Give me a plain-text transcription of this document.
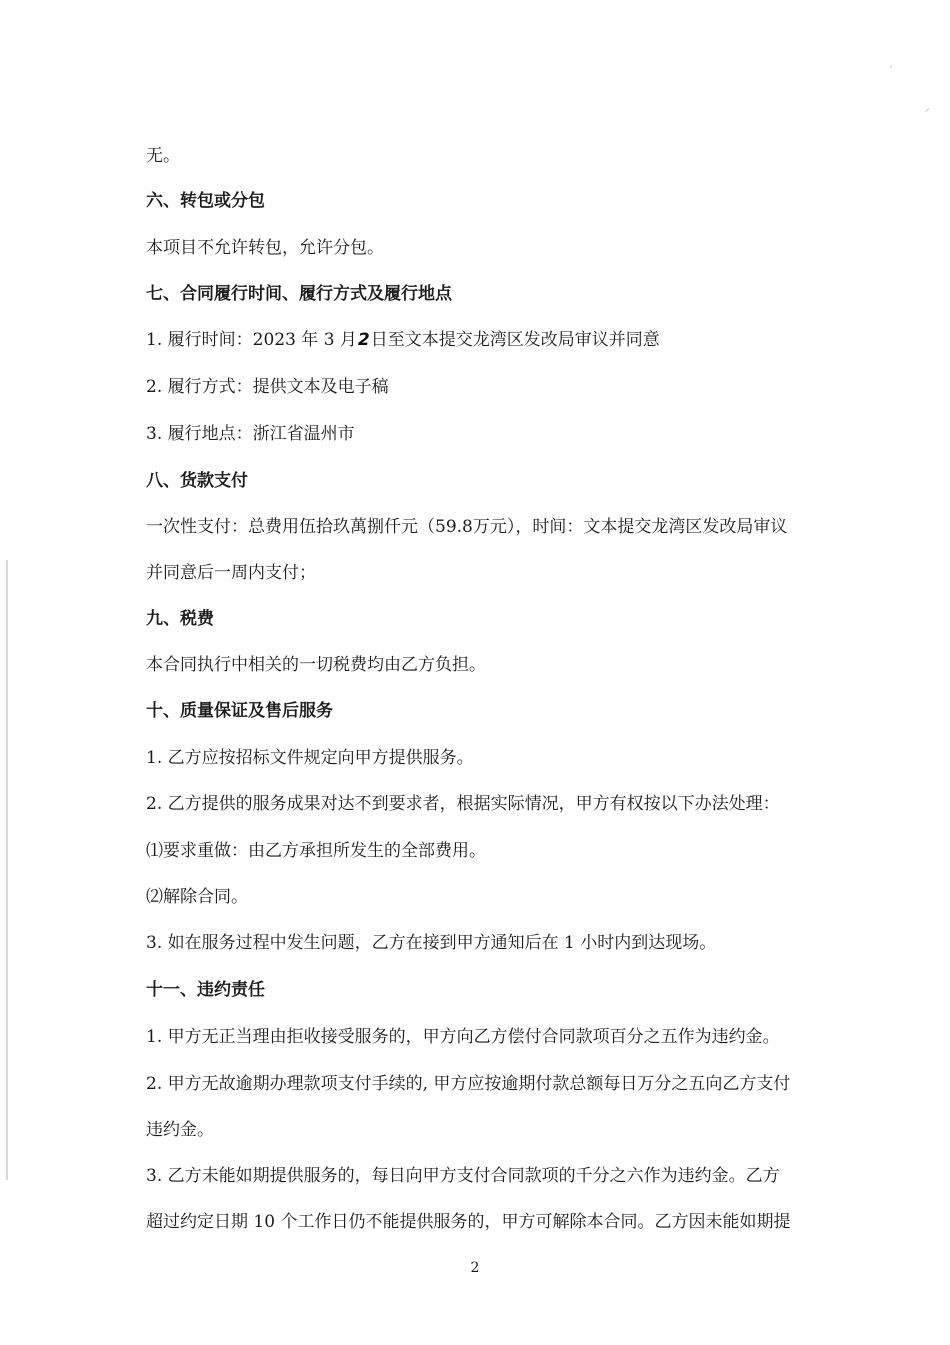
ˊ
⸝
无。
六、转包或分包
本项目不允许转包，允许分包。
七、合同履行时间、履行方式及履行地点
1. 履行时间：2023 年 3 月2日至文本提交龙湾区发改局审议并同意
2. 履行方式：提供文本及电子稿
3. 履行地点：浙江省温州市
八、货款支付
一次性支付：总费用伍拾玖萬捌仟元（59.8万元），时间：文本提交龙湾区发改局审议
并同意后一周内支付；
九、税费
本合同执行中相关的一切税费均由乙方负担。
十、质量保证及售后服务
1. 乙方应按招标文件规定向甲方提供服务。
2. 乙方提供的服务成果对达不到要求者，根据实际情况，甲方有权按以下办法处理：
⑴要求重做：由乙方承担所发生的全部费用。
⑵解除合同。
3. 如在服务过程中发生问题，乙方在接到甲方通知后在 1 小时内到达现场。
十一、违约责任
1. 甲方无正当理由拒收接受服务的，甲方向乙方偿付合同款项百分之五作为违约金。
2. 甲方无故逾期办理款项支付手续的, 甲方应按逾期付款总额每日万分之五向乙方支付
违约金。
3. 乙方未能如期提供服务的，每日向甲方支付合同款项的千分之六作为违约金。乙方
超过约定日期 10 个工作日仍不能提供服务的，甲方可解除本合同。乙方因未能如期提
2
